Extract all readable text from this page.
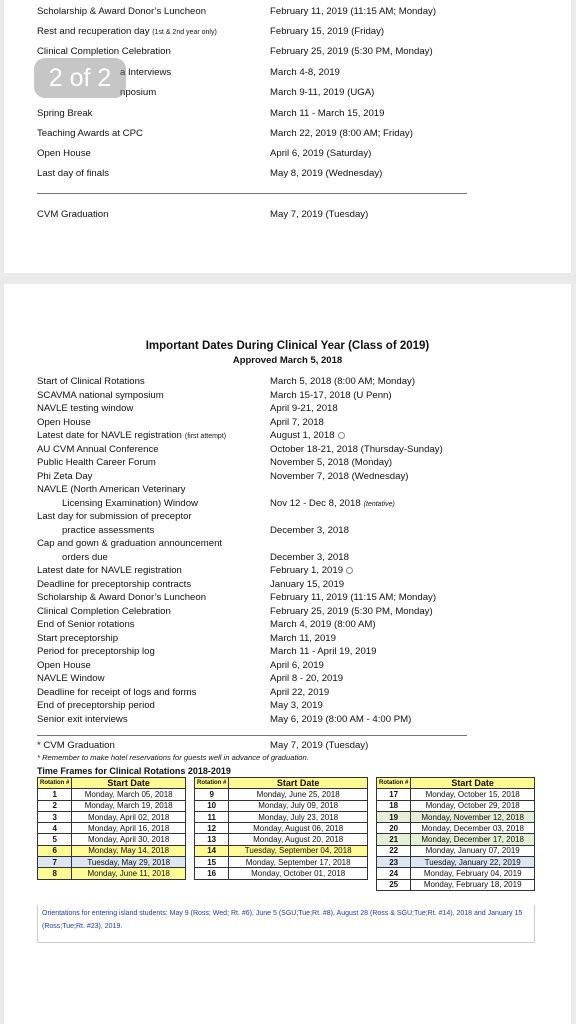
Scholarship & Award Donor’s Luncheon	February 11, 2019 (11:15 AM; Monday)
Rest and recuperation day (1st & 2nd year only)	February 15, 2019 (Friday)
Clinical Completion Celebration	February 25, 2019 (5:30 PM, Monday)
a Interviews	March 4-8, 2019
nposium	March 9-11, 2019 (UGA)
Spring Break	March 11 - March 15, 2019
Teaching Awards at CPC	March 22, 2019 (8:00 AM; Friday)
Open House	April 6, 2019 (Saturday)
Last day of finals	May 8, 2019 (Wednesday)
CVM Graduation	May 7, 2019 (Tuesday)
2 of 2
Important Dates During Clinical Year (Class of 2019)
Approved March 5, 2018
Start of Clinical Rotations	March 5, 2018 (8:00 AM; Monday)
SCAVMA national symposium	March 15-17, 2018 (U Penn)
NAVLE testing window	April 9-21, 2018
Open House	April 7, 2018
Latest date for NAVLE registration (first attempt)	August 1, 2018
AU CVM Annual Conference	October 18-21, 2018 (Thursday-Sunday)
Public Health Career Forum	November 5, 2018 (Monday)
Phi Zeta Day	November 7, 2018 (Wednesday)
NAVLE (North American Veterinary
Licensing Examination) Window	Nov 12 - Dec 8, 2018 (tentative)
Last day for submission of preceptor
practice assessments	December 3, 2018
Cap and gown & graduation announcement
orders due	December 3, 2018
Latest date for NAVLE registration	February 1, 2019
Deadline for preceptorship contracts	January 15, 2019
Scholarship & Award Donor’s Luncheon	February 11, 2019 (11:15 AM; Monday)
Clinical Completion Celebration	February 25, 2019 (5:30 PM, Monday)
End of Senior rotations	March 4, 2019 (8:00 AM)
Start preceptorship	March 11, 2019
Period for preceptorship log	March 11 - April 19, 2019
Open House	April 6, 2019
NAVLE Window	April 8 - 20, 2019
Deadline for receipt of logs and forms	April 22, 2019
End of preceptorship period	May 3, 2019
Senior exit interviews	May 6, 2019 (8:00 AM - 4:00 PM)
* CVM Graduation	May 7, 2019 (Tuesday)
* Remember to make hotel reservations for guests well in advance of graduation.
Time Frames for Clinical Rotations 2018-2019
Rotation #	Start Date
1	Monday, March 05, 2018
2	Monday, March 19, 2018
3	Monday, April 02, 2018
4	Monday, April 16, 2018
5	Monday, April 30, 2018
6	Monday, May 14, 2018
7	Tuesday, May 29, 2018
8	Monday, June 11, 2018
Rotation #	Start Date
9	Monday, June 25, 2018
10	Monday, July 09, 2018
11	Monday, July 23, 2018
12	Monday, August 06, 2018
13	Monday, August 20, 2018
14	Tuesday, September 04, 2018
15	Monday, September 17, 2018
16	Monday, October 01, 2018
Rotation #	Start Date
17	Monday, October 15, 2018
18	Monday, October 29, 2018
19	Monday, November 12, 2018
20	Monday, December 03, 2018
21	Monday, December 17, 2018
22	Monday, January 07, 2019
23	Tuesday, January 22, 2019
24	Monday, February 04, 2019
25	Monday, February 18, 2019
Orientations for entering island students: May 9 (Ross; Wed; Rt. #6), June 5 (SGU;Tue;Rt. #8), August 28 (Ross & SGU;Tue;Rt. #14), 2018 and January 15 (Ross;Tue;Rt. #23), 2019.
